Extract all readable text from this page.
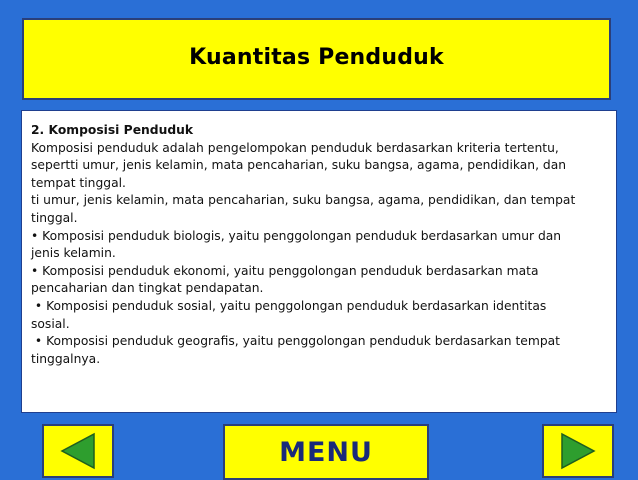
Kuantitas Penduduk

2. Komposisi Penduduk

Komposisi penduduk adalah pengelompokan penduduk berdasarkan kriteria tertentu,

sepertti umur, jenis kelamin, mata pencaharian, suku bangsa, agama, pendidikan, dan

tempat tinggal.

ti umur, jenis kelamin, mata pencaharian, suku bangsa, agama, pendidikan, dan tempat

tinggal.

• Komposisi penduduk biologis, yaitu penggolongan penduduk berdasarkan umur dan

jenis kelamin.

• Komposisi penduduk ekonomi, yaitu penggolongan penduduk berdasarkan mata

pencaharian dan tingkat pendapatan.

• Komposisi penduduk sosial, yaitu penggolongan penduduk berdasarkan identitas

sosial.

• Komposisi penduduk geografis, yaitu penggolongan penduduk berdasarkan tempat

tinggalnya.

MENU
